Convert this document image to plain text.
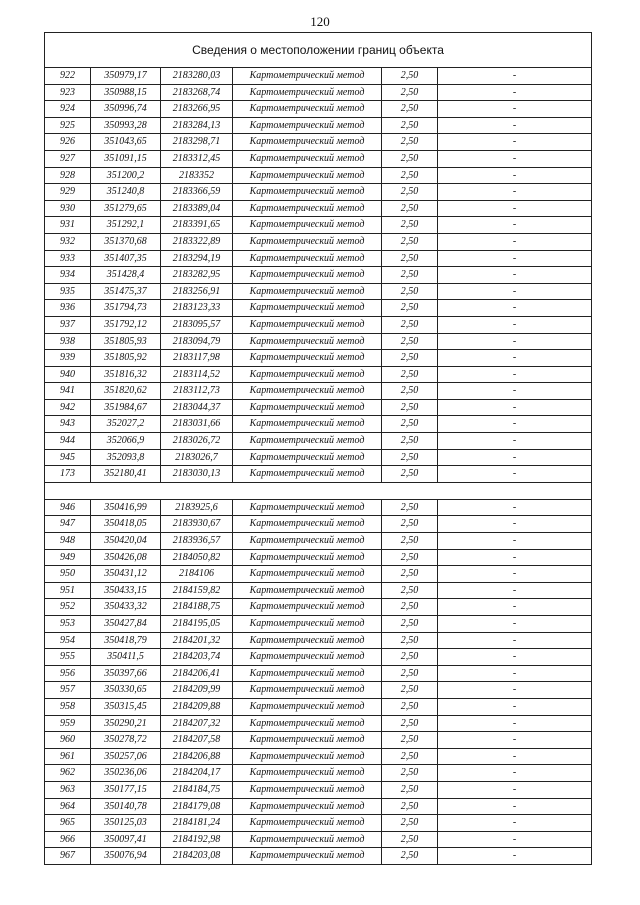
120
Сведения о местоположении границ объекта					
922	350979,17	2183280,03	Картометрический метод	2,50	-
923	350988,15	2183268,74	Картометрический метод	2,50	-
924	350996,74	2183266,95	Картометрический метод	2,50	-
925	350993,28	2183284,13	Картометрический метод	2,50	-
926	351043,65	2183298,71	Картометрический метод	2,50	-
927	351091,15	2183312,45	Картометрический метод	2,50	-
928	351200,2	2183352	Картометрический метод	2,50	-
929	351240,8	2183366,59	Картометрический метод	2,50	-
930	351279,65	2183389,04	Картометрический метод	2,50	-
931	351292,1	2183391,65	Картометрический метод	2,50	-
932	351370,68	2183322,89	Картометрический метод	2,50	-
933	351407,35	2183294,19	Картометрический метод	2,50	-
934	351428,4	2183282,95	Картометрический метод	2,50	-
935	351475,37	2183256,91	Картометрический метод	2,50	-
936	351794,73	2183123,33	Картометрический метод	2,50	-
937	351792,12	2183095,57	Картометрический метод	2,50	-
938	351805,93	2183094,79	Картометрический метод	2,50	-
939	351805,92	2183117,98	Картометрический метод	2,50	-
940	351816,32	2183114,52	Картометрический метод	2,50	-
941	351820,62	2183112,73	Картометрический метод	2,50	-
942	351984,67	2183044,37	Картометрический метод	2,50	-
943	352027,2	2183031,66	Картометрический метод	2,50	-
944	352066,9	2183026,72	Картометрический метод	2,50	-
945	352093,8	2183026,7	Картометрический метод	2,50	-
173	352180,41	2183030,13	Картометрический метод	2,50	-

946	350416,99	2183925,6	Картометрический метод	2,50	-
947	350418,05	2183930,67	Картометрический метод	2,50	-
948	350420,04	2183936,57	Картометрический метод	2,50	-
949	350426,08	2184050,82	Картометрический метод	2,50	-
950	350431,12	2184106	Картометрический метод	2,50	-
951	350433,15	2184159,82	Картометрический метод	2,50	-
952	350433,32	2184188,75	Картометрический метод	2,50	-
953	350427,84	2184195,05	Картометрический метод	2,50	-
954	350418,79	2184201,32	Картометрический метод	2,50	-
955	350411,5	2184203,74	Картометрический метод	2,50	-
956	350397,66	2184206,41	Картометрический метод	2,50	-
957	350330,65	2184209,99	Картометрический метод	2,50	-
958	350315,45	2184209,88	Картометрический метод	2,50	-
959	350290,21	2184207,32	Картометрический метод	2,50	-
960	350278,72	2184207,58	Картометрический метод	2,50	-
961	350257,06	2184206,88	Картометрический метод	2,50	-
962	350236,06	2184204,17	Картометрический метод	2,50	-
963	350177,15	2184184,75	Картометрический метод	2,50	-
964	350140,78	2184179,08	Картометрический метод	2,50	-
965	350125,03	2184181,24	Картометрический метод	2,50	-
966	350097,41	2184192,98	Картометрический метод	2,50	-
967	350076,94	2184203,08	Картометрический метод	2,50	-
